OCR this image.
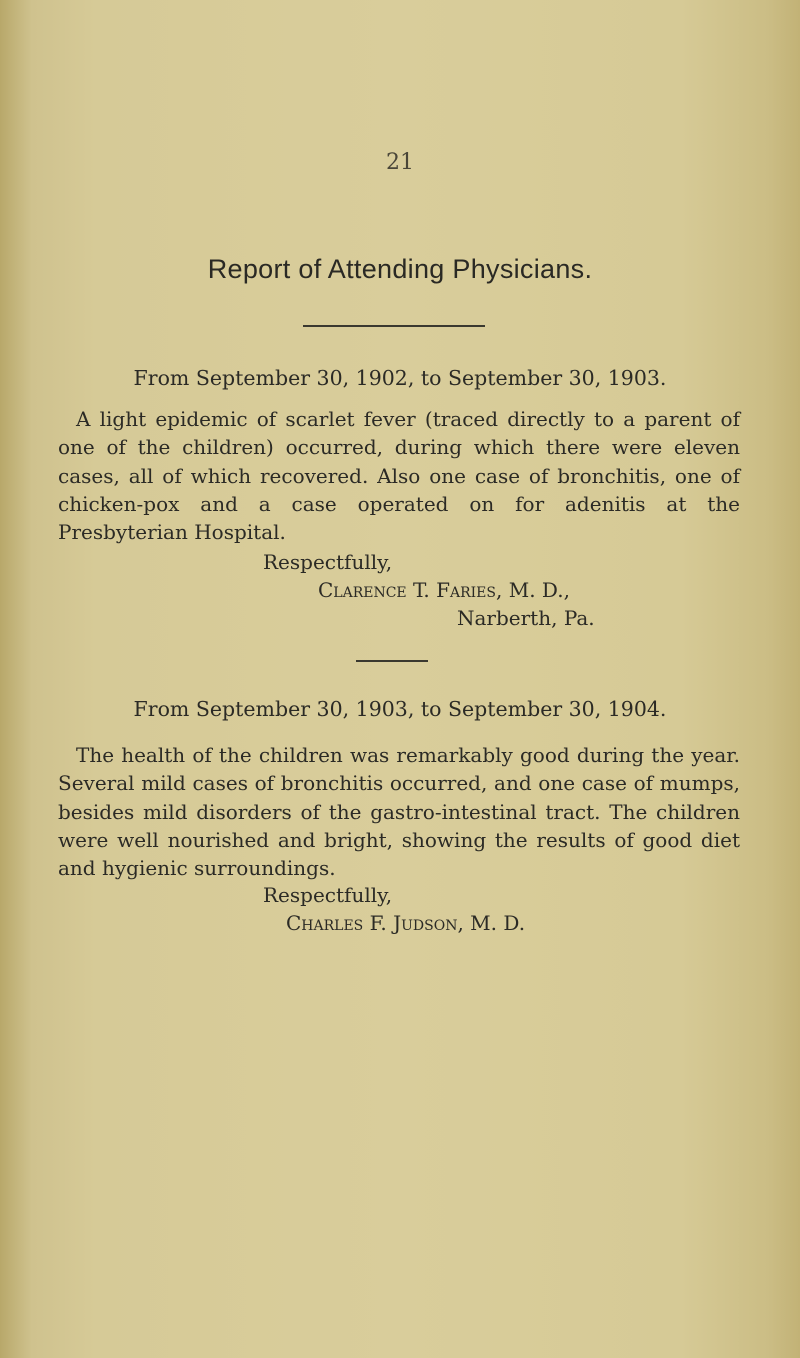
21
Report of Attending Physicians.
From September 30, 1902, to September 30, 1903.
A light epidemic of scarlet fever (traced directly to a parent of one of the children) occurred, during which there were eleven cases, all of which recovered. Also one case of bronchitis, one of chicken-pox and a case operated on for adenitis at the Presbyterian Hospital.
Respectfully,
Clarence T. Faries, M. D.,
Narberth, Pa.
From September 30, 1903, to September 30, 1904.
The health of the children was remarkably good during the year. Several mild cases of bronchitis occurred, and one case of mumps, besides mild disorders of the gastro-intestinal tract. The children were well nourished and bright, showing the results of good diet and hygienic surroundings.
Respectfully,
Charles F. Judson, M. D.
